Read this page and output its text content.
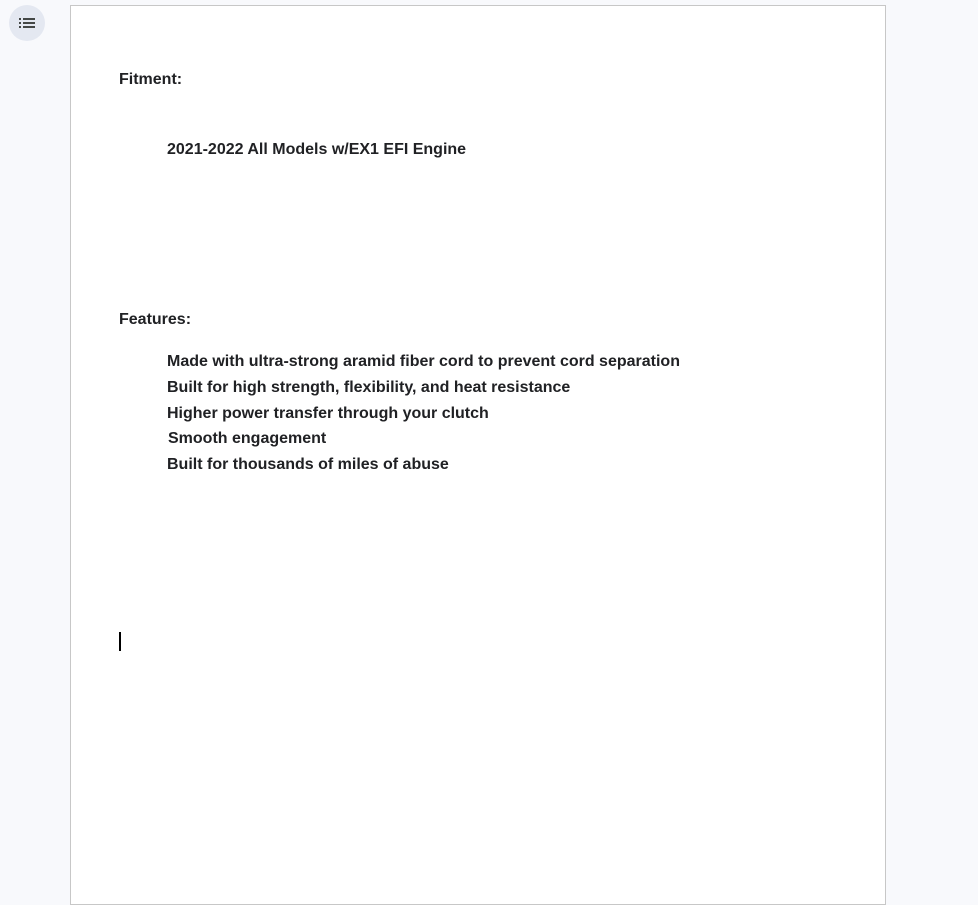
Fitment:
2021-2022 All Models w/EX1 EFI Engine
Features:
Made with ultra-strong aramid fiber cord to prevent cord separation
Built for high strength, flexibility, and heat resistance
Higher power transfer through your clutch
Smooth engagement
Built for thousands of miles of abuse
